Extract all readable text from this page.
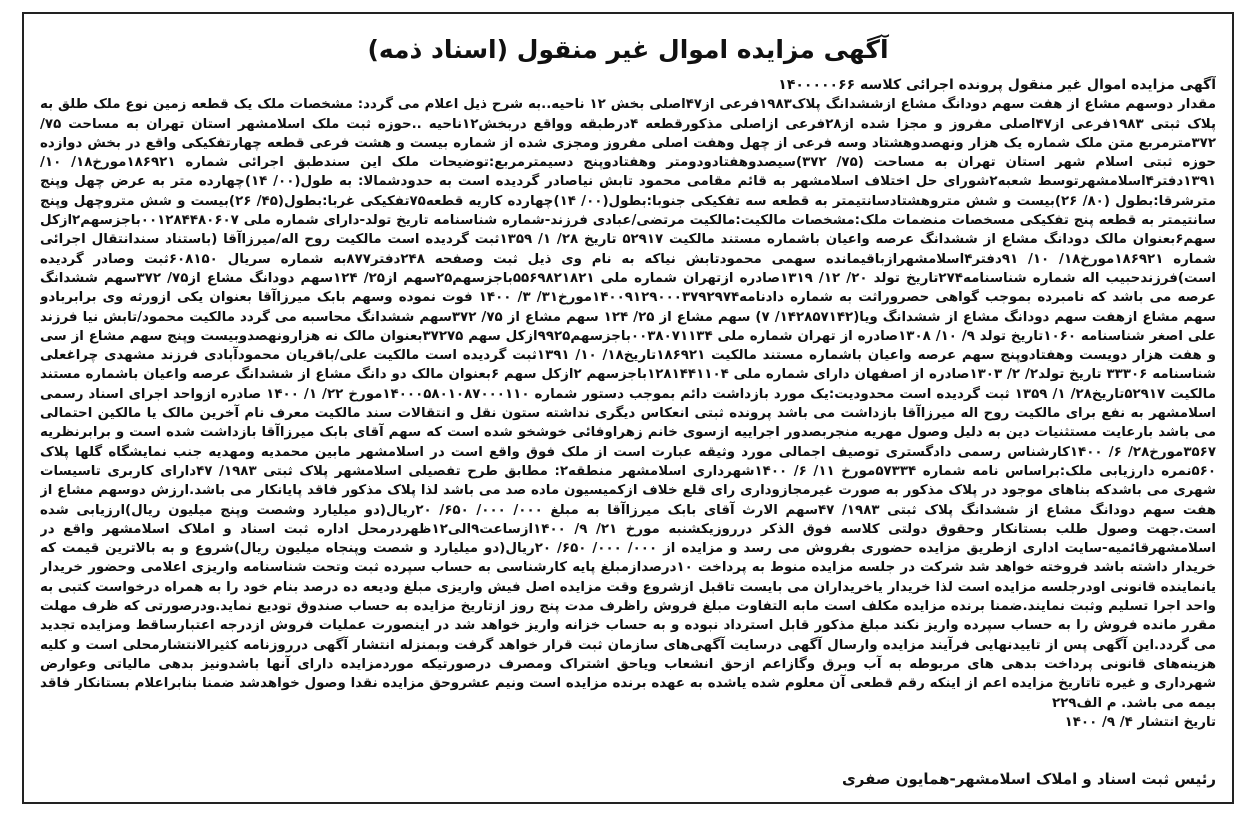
آگهی مزایده اموال غیر منقول (اسناد ذمه)
آگهی مزایده اموال غیر منقول پرونده اجرائی کلاسه ۱۴۰۰۰۰۰۶۶
مقدار دوسهم مشاع از هفت سهم دودانگ مشاع ازششدانگ پلاک۱۹۸۳فرعی از۴۷اصلی بخش ۱۲ ناحیه..به شرح ذیل اعلام می گردد: مشخصات ملک یک قطعه زمین نوع ملک طلق به پلاک ثبتی ۱۹۸۳فرعی از۴۷اصلی مفروز و مجزا شده از۲۸فرعی ازاصلی مذکورقطعه ۴درطبقه وواقع دربخش۱۲ناحیه ..حوزه ثبت ملک اسلامشهر استان تهران به مساحت ۷۵/ ۳۷۲مترمربع متن ملک شماره یک هزار ونهصدوهشتاد وسه فرعی از چهل وهفت اصلی مفروز ومجزی شده از شماره بیست و هشت فرعی قطعه چهارتفکیکی واقع در بخش دوازده حوزه ثبتی اسلام شهر استان تهران به مساحت (۷۵/ ۳۷۲)سیصدوهفتادودومتر وهفتادوپنج دسیمترمربع:توضیحات ملک این سندطبق اجرائی شماره ۱۸۶۹۲۱مورخ۱۸/ ۱۰/ ۱۳۹۱دفتر۴اسلامشهرتوسط شعبه۲شورای حل اختلاف اسلامشهر به قائم مقامی محمود تابش نیاصادر گردیده است به حدودشمالا: به طول(۰۰/ ۱۴)چهارده متر به عرض چهل وپنج مترشرقا:بطول (۸۰/ ۲۶)بیست و شش متروهشتادسانتیمتر به قطعه سه تفکیکی جنوبا:بطول(۰۰/ ۱۴)چهارده کاریه قطعه۷۵تفکیکی غربا:بطول(۴۵/ ۲۶)بیست و شش متروچهل وپنج سانتیمتر به قطعه پنج تفکیکی مسخصات منضمات ملک:مشخصات مالکیت:مالکیت مرتضی/عبادی فرزند-شماره شناسنامه تاریخ تولد-دارای شماره ملی ۰۰۱۲۸۴۴۸۰۶۰۷باجزسهم۲ازکل سهم۶بعنوان مالک دودانگ مشاع از ششدانگ عرصه واعیان باشماره مستند مالکیت ۵۲۹۱۷ تاریخ ۲۸/ ۱/ ۱۳۵۹ثبت گردیده است مالکیت روح اله/میرزاآقا (باستناد سندانتقال اجرائی شماره ۱۸۶۹۲۱مورخ۱۸/ ۱۰/ ۹۱دفتر۴اسلامشهرازباقیمانده سهمی محمودتابش نیاکه به نام وی ذیل ثبت وصفحه ۲۴۸دفتر۸۷۷به شماره سریال ۶۰۸۱۵۰ثبت وصادر گردیده است)فرزندحبیب اله شماره شناسنامه۲۷۴تاریخ تولد ۲۰/ ۱۲/ ۱۳۱۹صادره ازتهران شماره ملی ۵۵۶۹۸۲۱۸۲۱باجزسهم۲۵سهم از۲۵/ ۱۲۴سهم دودانگ مشاع از۷۵/ ۳۷۲سهم ششدانگ عرصه می باشد که نامبرده بموجب گواهی حصروراثت به شماره دادنامه۱۴۰۰۹۱۲۹۰۰۰۳۷۹۲۹۷۴مورخ۳۱/ ۳/ ۱۴۰۰ فوت نموده وسهم بابک میرزاآقا بعنوان یکی ازورثه وی برابربادو سهم مشاع ازهفت سهم دودانگ مشاع از ششدانگ ویا(۱۴۲۸۵۷۱۴۲/ ۷) سهم مشاع از ۲۵/ ۱۲۴ سهم مشاع از ۷۵/ ۳۷۲سهم ششدانگ محاسبه می گردد مالکیت محمود/تابش نیا فرزند علی اصغر شناسنامه ۱۰۶۰تاریخ تولد ۹/ ۱۰/ ۱۳۰۸صادره از تهران شماره ملی ۰۰۳۸۰۷۱۱۳۴باجزسهم۹۹۲۵ازکل سهم ۳۷۲۷۵بعنوان مالک نه هزارونهصدوبیست وپنج سهم مشاع از سی و هفت هزار دویست وهفتادوپنج سهم عرصه واعیان باشماره مستند مالکیت ۱۸۶۹۲۱تاریخ۱۸/ ۱۰/ ۱۳۹۱ثبت گردیده است مالکیت علی/باقریان محمودآبادی فرزند مشهدی چراغعلی شناسنامه ۳۳۳۰۶ تاریخ تولد۲/ ۲/ ۱۳۰۳صادره از اصفهان دارای شماره ملی ۱۲۸۱۴۴۱۱۰۴باجزسهم ۲ازکل سهم ۶بعنوان مالک دو دانگ مشاع از ششدانگ عرصه واعیان باشماره مستند مالکیت ۵۲۹۱۷تاریخ۲۸/ ۱/ ۱۳۵۹ ثبت گردیده است محدودیت:یک مورد بازداشت دائم بموجب دستور شماره ۱۴۰۰۰۵۸۰۱۰۸۷۰۰۰۱۱۰مورخ ۲۲/ ۱/ ۱۴۰۰ صادره ازواحد اجرای اسناد رسمی اسلامشهر به نفع برای مالکیت روح اله میرزاآقا بازداشت می باشد پرونده ثبتی انعکاس دیگری نداشته ستون نقل و انتقالات سند مالکیت معرف نام آخرین مالک یا مالکین احتمالی می باشد بارعایت مستثنیات دین به دلیل وصول مهریه منجربصدور اجراییه ازسوی خانم زهراوفائی خوشخو شده است که سهم آقای بابک میرزاآقا بازداشت شده است و برابرنظریه ۳۵۶۷مورخ۲۸/ ۶/ ۱۴۰۰کارشناس رسمی دادگستری توصیف اجمالی مورد وثیقه عبارت است از ملک فوق واقع است در اسلامشهر مابین محمدیه ومهدیه جنب نمایشگاه گلها پلاک ۵۶۰نمره دارزیابی ملک:براساس نامه شماره ۵۷۳۳۴مورخ ۱۱/ ۶/ ۱۴۰۰شهرداری اسلامشهر منطقه۲: مطابق طرح تفصیلی اسلامشهر پلاک ثبتی ۱۹۸۳/ ۴۷دارای کاربری تاسیسات شهری می باشدکه بناهای موجود در پلاک مذکور به صورت غیرمجازوداری رای قلع خلاف ازکمیسیون ماده صد می باشد لذا پلاک مذکور فاقد پایانکار می باشد.ارزش دوسهم مشاع از هفت سهم دودانگ مشاع از ششدانگ پلاک ثبتی ۱۹۸۳/ ۴۷سهم الارث آقای بابک میرزاآقا به مبلغ ۰۰۰/ ۰۰۰/ ۶۵۰/ ۲۰ریال(دو میلیارد وشصت وپنج میلیون ریال)ارزیابی شده است.جهت وصول طلب بستانکار وحقوق دولتی کلاسه فوق الذکر درروزیکشنبه مورخ ۲۱/ ۹/ ۱۴۰۰ازساعت۹الی۱۲ظهردرمحل اداره ثبت اسناد و املاک اسلامشهر واقع در اسلامشهرقائمیه-سایت اداری ازطریق مزایده حضوری بفروش می رسد و مزایده از ۰۰۰/ ۰۰۰/ ۶۵۰/ ۲۰ریال(دو میلیارد و شصت وپنجاه میلیون ریال)شروع و به بالاترین قیمت که خریدار داشته باشد فروخته خواهد شد شرکت در جلسه مزایده منوط به پرداخت ۱۰درصدازمبلغ پایه کارشناسی به حساب سپرده ثبت وتحت شناسنامه واریزی اعلامی وحضور خریدار یانماینده قانونی اودرجلسه مزایده است لذا خریدار یاخریداران می بایست تاقبل ازشروع وقت مزایده اصل فیش واریزی مبلغ ودیعه ده درصد بنام خود را به همراه درخواست کتبی به واحد اجرا تسلیم وثبت نمایند.ضمنا برنده مزایده مکلف است مابه التفاوت مبلغ فروش راظرف مدت پنج روز ازتاریخ مزایده به حساب صندوق توديع نماید.ودرصورتی که ظرف مهلت مقرر مانده فروش را به حساب سپرده واریز نکند مبلغ مذکور قابل استرداد نبوده و به حساب خزانه واریز خواهد شد در اینصورت عملیات فروش ازدرجه اعتبارساقط ومزایده تجدید می گردد.این آگهی پس از تاییدنهایی فرآیند مزایده وارسال آگهی درسایت آگهی‌های سازمان ثبت قرار خواهد گرفت وبمنزله انتشار آگهی درروزنامه کثیرالانتشارمحلی است و کلیه هزینه‌های قانونی پرداخت بدهی های مربوطه به آب وبرق وگازاعم ازحق انشعاب ویاحق اشتراک ومصرف درصورتیکه موردمزایده دارای آنها باشدونیز بدهی مالیاتی وعوارض شهرداری و غیره تاتاریخ مزایده اعم از اینکه رقم قطعی آن معلوم شده یاشده به عهده برنده مزایده است ونیم عشروحق مزایده نقدا وصول خواهدشد ضمنا بنابراعلام بستانکار فاقد بیمه می باشد. م الف۲۲۹
تاریخ انتشار ۴/ ۹/ ۱۴۰۰
رئیس ثبت اسناد و املاک اسلامشهر-همایون صفری
